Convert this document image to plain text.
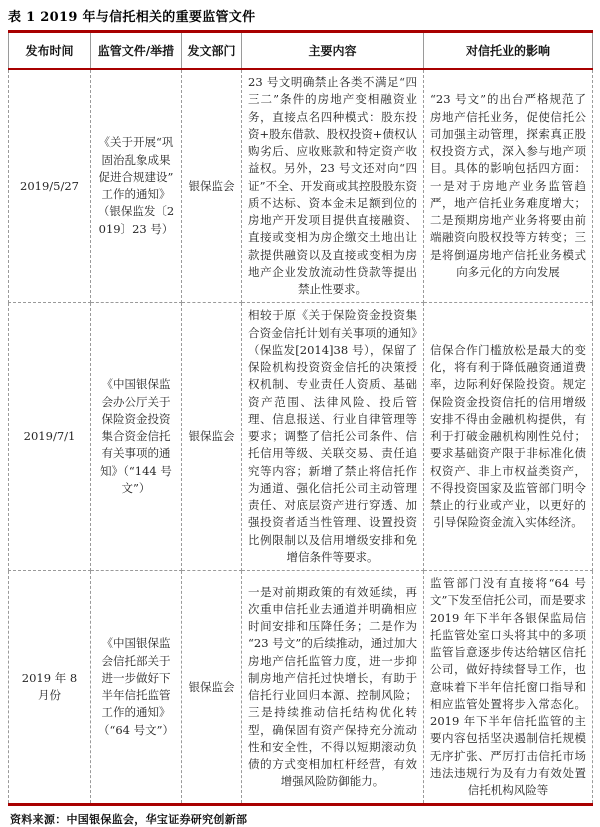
表 1 2019 年与信托相关的重要监管文件
发布时间	监管文件/举措	发文部门	主要内容	对信托业的影响
2019/5/27	《关于开展“巩固治乱象成果 促进合规建设”工作的通知》（银保监发〔2019〕23 号）	银保监会	23 号文明确禁止各类不满足“四三二”条件的房地产变相融资业务，直接点名四种模式：股东投资+股东借款、股权投资+债权认购劣后、应收账款和特定资产收益权。另外，23 号文还对向“四证”不全、开发商或其控股股东资质不达标、资本金未足额到位的房地产开发项目提供直接融资、直接或变相为房企缴交土地出让款提供融资以及直接或变相为房地产企业发放流动性贷款等提出禁止性要求。	“23 号文”的出台严格规范了房地产信托业务，促使信托公司加强主动管理，探索真正股权投资方式，深入参与地产项目。具体的影响包括四方面：一是对于房地产业务监管趋严，地产信托业务难度增大；二是预期房地产业务将要由前端融资向股权投等方转变；三是将倒逼房地产信托业务模式向多元化的方向发展
2019/7/1	《中国银保监会办公厅关于保险资金投资集合资金信托有关事项的通知》（“144 号文”）	银保监会	相较于原《关于保险资金投资集合资金信托计划有关事项的通知》（保监发[2014]38 号），保留了保险机构投资资金信托的决策授权机制、专业责任人资质、基础资产范围、法律风险、投后管理、信息报送、行业自律管理等要求；调整了信托公司条件、信托信用等级、关联交易、责任追究等内容；新增了禁止将信托作为通道、强化信托公司主动管理责任、对底层资产进行穿透、加强投资者适当性管理、设置投资比例限制以及信用增级安排和免增信条件等要求。	信保合作门槛放松是最大的变化，将有利于降低融资通道费率，边际利好保险投资。规定保险资金投资信托的信用增级安排不得由金融机构提供，有利于打破金融机构刚性兑付；要求基础资产限于非标准化债权资产、非上市权益类资产，不得投资国家及监管部门明令禁止的行业或产业，以更好的引导保险资金流入实体经济。
2019 年 8 月份	《中国银保监会信托部关于进一步做好下半年信托监管工作的通知》（“64 号文”）	银保监会	一是对前期政策的有效延续，再次重申信托业去通道并明确相应时间安排和压降任务；二是作为“23 号文”的后续推动，通过加大房地产信托监管力度，进一步抑制房地产信托过快增长，有助于信托行业回归本源、控制风险；三是持续推动信托结构优化转型，确保固有资产保持充分流动性和安全性，不得以短期滚动负债的方式变相加杠杆经营，有效增强风险防御能力。	监管部门没有直接将“64 号文”下发至信托公司，而是要求 2019 年下半年各银保监局信托监管处室口头将其中的多项监管旨意逐步传达给辖区信托公司，做好持续督导工作，也意味着下半年信托窗口指导和相应监管处置将步入常态化。2019 年下半年信托监管的主要内容包括坚决遏制信托规模无序扩张、严厉打击信托市场违法违规行为及有力有效处置信托机构风险等
资料来源：中国银保监会，华宝证券研究创新部
